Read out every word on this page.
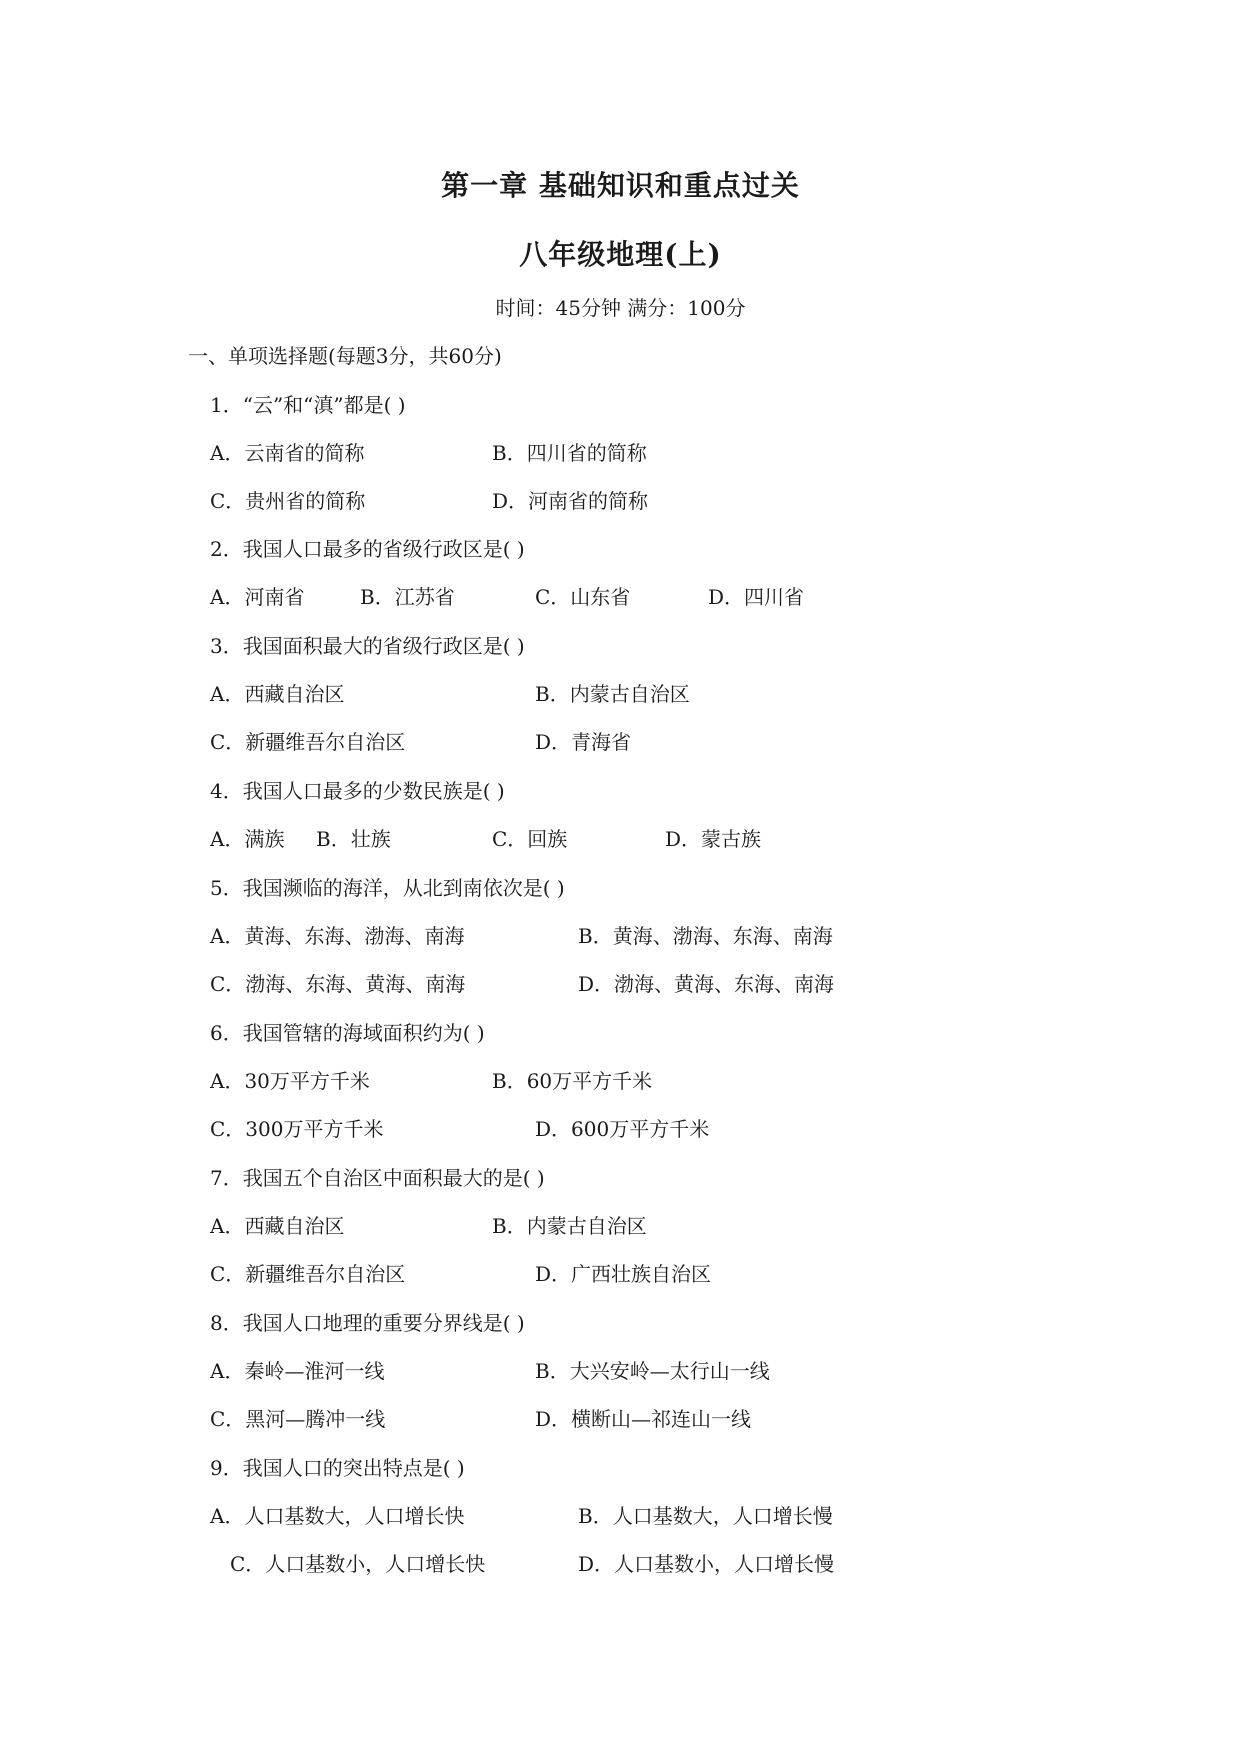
第一章 基础知识和重点过关
八年级地理(上)
时间：45分钟 满分：100分
一、单项选择题(每题3分，共60分)
1．“云”和“滇”都是( )
A．云南省的简称	B．四川省的简称
C．贵州省的简称	D．河南省的简称
2．我国人口最多的省级行政区是( )
A．河南省	B．江苏省	C．山东省	D．四川省
3．我国面积最大的省级行政区是( )
A．西藏自治区	B．内蒙古自治区
C．新疆维吾尔自治区	D．青海省
4．我国人口最多的少数民族是( )
A．满族 B．壮族	C．回族	D．蒙古族
5．我国濒临的海洋，从北到南依次是( )
A．黄海、东海、渤海、南海	B．黄海、渤海、东海、南海
C．渤海、东海、黄海、南海	D．渤海、黄海、东海、南海
6．我国管辖的海域面积约为( )
A．30万平方千米	B．60万平方千米
C．300万平方千米	D．600万平方千米
7．我国五个自治区中面积最大的是( )
A．西藏自治区	B．内蒙古自治区
C．新疆维吾尔自治区	D．广西壮族自治区
8．我国人口地理的重要分界线是( )
A．秦岭—淮河一线	B．大兴安岭—太行山一线
C．黑河—腾冲一线	D．横断山—祁连山一线
9．我国人口的突出特点是( )
A．人口基数大，人口增长快	B．人口基数大，人口增长慢
C．人口基数小，人口增长快	D．人口基数小，人口增长慢
